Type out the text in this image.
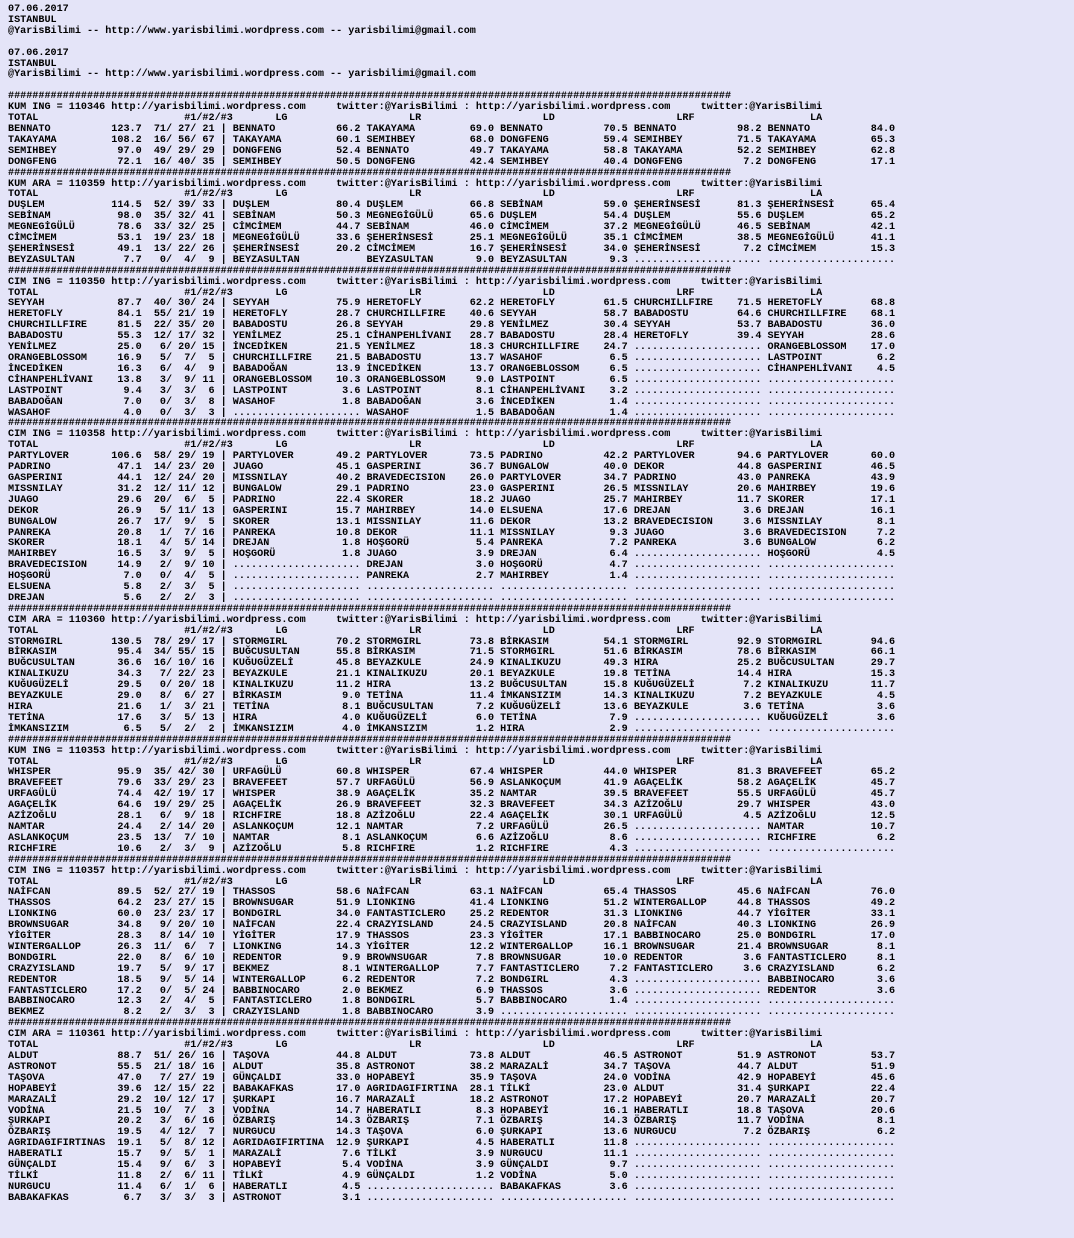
07.06.2017
ISTANBUL
@YarisBilimi -- http://www.yarisbilimi.wordpress.com -- yarisbilimi@gmail.com

07.06.2017
ISTANBUL
@YarisBilimi -- http://www.yarisbilimi.wordpress.com -- yarisbilimi@gmail.com

#######################################################################################################################
KUM ING = 110346 http://yarisbilimi.wordpress.com     twitter:@YarisBilimi : http://yarisbilimi.wordpress.com     twitter:@YarisBilimi
TOTAL                        #1/#2/#3       LG                    LR                    LD                    LRF                   LA
BENNATO          123.7  71/ 27/ 21 | BENNATO          66.2 TAKAYAMA         69.0 BENNATO          70.5 BENNATO          98.2 BENNATO          84.0
TAKAYAMA         108.2  16/ 56/ 67 | TAKAYAMA         60.1 SEMIHBEY         68.0 DONGFENG         59.4 SEMIHBEY         71.5 TAKAYAMA         65.3
SEMIHBEY          97.0  49/ 29/ 29 | DONGFENG         52.4 BENNATO          49.7 TAKAYAMA         58.8 TAKAYAMA         52.2 SEMIHBEY         62.8
DONGFENG          72.1  16/ 40/ 35 | SEMIHBEY         50.5 DONGFENG         42.4 SEMIHBEY         40.4 DONGFENG          7.2 DONGFENG         17.1
#######################################################################################################################
KUM ARA = 110359 http://yarisbilimi.wordpress.com     twitter:@YarisBilimi : http://yarisbilimi.wordpress.com     twitter:@YarisBilimi
TOTAL                        #1/#2/#3       LG                    LR                    LD                    LRF                   LA
DUŞLEM           114.5  52/ 39/ 33 | DUŞLEM           80.4 DUŞLEM           66.8 SEBİNAM          59.0 ŞEHERİNSESİ      81.3 ŞEHERİNSESİ      65.4
SEBİNAM           98.0  35/ 32/ 41 | SEBİNAM          50.3 MEGNEGİGÜLÜ      65.6 DUŞLEM           54.4 DUŞLEM           55.6 DUŞLEM           65.2
MEGNEGİGÜLÜ       78.6  33/ 32/ 25 | CİMCİMEM         44.7 SEBİNAM          46.0 CİMCİMEM         37.2 MEGNEGİGÜLÜ      46.5 SEBİNAM          42.1
CİMCİMEM          53.1  19/ 23/ 18 | MEGNEGİGÜLÜ      33.6 ŞEHERİNSESİ      25.1 MEGNEGİGÜLÜ      35.1 CİMCİMEM         38.5 MEGNEGİGÜLÜ      41.1
ŞEHERİNSESİ       49.1  13/ 22/ 26 | ŞEHERİNSESİ      20.2 CİMCİMEM         16.7 ŞEHERİNSESİ      34.0 ŞEHERİNSESİ       7.2 CİMCİMEM         15.3
BEYZASULTAN        7.7   0/  4/  9 | BEYZASULTAN           BEYZASULTAN       9.0 BEYZASULTAN       9.3 ..................... .....................
#######################################################################################################################
CIM ING = 110350 http://yarisbilimi.wordpress.com     twitter:@YarisBilimi : http://yarisbilimi.wordpress.com     twitter:@YarisBilimi
TOTAL                        #1/#2/#3       LG                    LR                    LD                    LRF                   LA
SEYYAH            87.7  40/ 30/ 24 | SEYYAH           75.9 HERETOFLY        62.2 HERETOFLY        61.5 CHURCHILLFIRE    71.5 HERETOFLY        68.8
HERETOFLY         84.1  55/ 21/ 19 | HERETOFLY        28.7 CHURCHILLFIRE    40.6 SEYYAH           58.7 BABADOSTU        64.6 CHURCHILLFIRE    68.1
CHURCHILLFIRE     81.5  22/ 35/ 20 | BABADOSTU        26.8 SEYYAH           29.8 YENİLMEZ         30.4 SEYYAH           53.7 BABADOSTU        36.0
BABADOSTU         55.3  12/ 17/ 32 | YENİLMEZ         25.1 CİHANPEHLİVANI   28.7 BABADOSTU        28.4 HERETOFLY        39.4 SEYYAH           28.6
YENİLMEZ          25.0   6/ 20/ 15 | İNCEDİKEN        21.5 YENİLMEZ         18.3 CHURCHILLFIRE    24.7 ..................... ORANGEBLOSSOM    17.0
ORANGEBLOSSOM     16.9   5/  7/  5 | CHURCHILLFIRE    21.5 BABADOSTU        13.7 WASAHOF           6.5 ..................... LASTPOINT         6.2
İNCEDİKEN         16.3   6/  4/  9 | BABADOĞAN        13.9 İNCEDİKEN        13.7 ORANGEBLOSSOM     6.5 ..................... CİHANPEHLİVANI    4.5
CİHANPEHLİVANI    13.8   3/  9/ 11 | ORANGEBLOSSOM    10.3 ORANGEBLOSSOM     9.0 LASTPOINT         6.5 ..................... .....................
LASTPOINT          9.4   3/  3/  6 | LASTPOINT         3.6 LASTPOINT         8.1 CİHANPEHLİVANI    3.2 ..................... .....................
BABADOĞAN          7.0   0/  3/  8 | WASAHOF           1.8 BABADOĞAN         3.6 İNCEDİKEN         1.4 ..................... .....................
WASAHOF            4.0   0/  3/  3 | ..................... WASAHOF           1.5 BABADOĞAN         1.4 ..................... .....................
#######################################################################################################################
CIM ING = 110358 http://yarisbilimi.wordpress.com     twitter:@YarisBilimi : http://yarisbilimi.wordpress.com     twitter:@YarisBilimi
TOTAL                        #1/#2/#3       LG                    LR                    LD                    LRF                   LA
PARTYLOVER       106.6  58/ 29/ 19 | PARTYLOVER       49.2 PARTYLOVER       73.5 PADRINO          42.2 PARTYLOVER       94.6 PARTYLOVER       60.0
PADRINO           47.1  14/ 23/ 20 | JUAGO            45.1 GASPERINI        36.7 BUNGALOW         40.0 DEKOR            44.8 GASPERINI        46.5
GASPERINI         44.1  12/ 24/ 20 | MISSNILAY        40.2 BRAVEDECISION    26.0 PARTYLOVER       34.7 PADRINO          43.0 PANREKA          43.9
MISSNILAY         31.2  12/ 11/ 12 | BUNGALOW         29.1 PADRINO          23.0 GASPERINI        26.5 MISSNILAY        20.6 MAHIRBEY         19.6
JUAGO             29.6  20/  6/  5 | PADRINO          22.4 SKORER           18.2 JUAGO            25.7 MAHIRBEY         11.7 SKORER           17.1
DEKOR             26.9   5/ 11/ 13 | GASPERINI        15.7 MAHIRBEY         14.0 ELSUENA          17.6 DREJAN            3.6 DREJAN           16.1
BUNGALOW          26.7  17/  9/  5 | SKORER           13.1 MISSNILAY        11.6 DEKOR            13.2 BRAVEDECISION     3.6 MISSNILAY         8.1
PANREKA           20.8   1/  7/ 16 | PANREKA          10.8 DEKOR            11.1 MISSNILAY         9.3 JUAGO             3.6 BRAVEDECISION     7.2
SKORER            18.1   4/  5/ 14 | DREJAN            1.8 HOŞGORÜ           5.4 PANREKA           7.2 PANREKA           3.6 BUNGALOW          6.2
MAHIRBEY          16.5   3/  9/  5 | HOŞGORÜ           1.8 JUAGO             3.9 DREJAN            6.4 ..................... HOŞGORÜ           4.5
BRAVEDECISION     14.9   2/  9/ 10 | ..................... DREJAN            3.0 HOŞGORÜ           4.7 ..................... .....................
HOŞGORÜ            7.0   0/  4/  5 | ..................... PANREKA           2.7 MAHIRBEY          1.4 ..................... .....................
ELSUENA            5.8   2/  3/  5 | ..................... ..................... ..................... ..................... .....................
DREJAN             5.6   2/  2/  3 | ..................... ..................... ..................... ..................... .....................
#######################################################################################################################
CIM ARA = 110360 http://yarisbilimi.wordpress.com     twitter:@YarisBilimi : http://yarisbilimi.wordpress.com     twitter:@YarisBilimi
TOTAL                        #1/#2/#3       LG                    LR                    LD                    LRF                   LA
STORMGIRL        130.5  78/ 29/ 17 | STORMGIRL        70.2 STORMGIRL        73.8 BİRKASIM         54.1 STORMGIRL        92.9 STORMGIRL        94.6
BİRKASIM          95.4  34/ 55/ 15 | BUĞCUSULTAN      55.8 BİRKASIM         71.5 STORMGIRL        51.6 BİRKASIM         78.6 BİRKASIM         66.1
BUĞCUSULTAN       36.6  16/ 10/ 16 | KUĞUGÜZELİ       45.8 BEYAZKULE        24.9 KINALIKUZU       49.3 HIRA             25.2 BUĞCUSULTAN      29.7
KINALIKUZU        34.3   7/ 22/ 23 | BEYAZKULE        21.1 KINALIKUZU       20.1 BEYAZKULE        19.8 TETİNA           14.4 HIRA             15.3
KUĞUGÜZELİ        29.5   0/ 20/ 18 | KINALIKUZU       11.2 HIRA             13.2 BUĞCUSULTAN      15.8 KUĞUGÜZELİ        7.2 KINALIKUZU       11.7
BEYAZKULE         29.0   8/  6/ 27 | BİRKASIM          9.0 TETİNA           11.4 İMKANSIZIM       14.3 KINALIKUZU        7.2 BEYAZKULE         4.5
HIRA              21.6   1/  3/ 21 | TETİNA            8.1 BUĞCUSULTAN       7.2 KUĞUGÜZELİ       13.6 BEYAZKULE         3.6 TETİNA            3.6
TETİNA            17.6   3/  5/ 13 | HIRA              4.0 KUĞUGÜZELİ        6.0 TETİNA            7.9 ..................... KUĞUGÜZELİ        3.6
İMKANSIZIM         6.5   5/  2/  2 | İMKANSIZIM        4.0 İMKANSIZIM        1.2 HIRA              2.9 ..................... .....................
#######################################################################################################################
KUM ING = 110353 http://yarisbilimi.wordpress.com     twitter:@YarisBilimi : http://yarisbilimi.wordpress.com     twitter:@YarisBilimi
TOTAL                        #1/#2/#3       LG                    LR                    LD                    LRF                   LA
WHISPER           95.9  35/ 42/ 30 | URFAGÜLÜ         60.8 WHISPER          67.4 WHISPER          44.0 WHISPER          81.3 BRAVEFEET        65.2
BRAVEFEET         79.6  33/ 29/ 23 | BRAVEFEET        57.7 URFAGÜLÜ         56.9 ASLANKOÇUM       41.9 AGAÇELİK         58.2 AGAÇELİK         45.7
URFAGÜLÜ          74.4  42/ 19/ 17 | WHISPER          38.9 AGAÇELİK         35.2 NAMTAR           39.5 BRAVEFEET        55.5 URFAGÜLÜ         45.7
AGAÇELİK          64.6  19/ 29/ 25 | AGAÇELİK         26.9 BRAVEFEET        32.3 BRAVEFEET        34.3 AZİZOĞLU         29.7 WHISPER          43.0
AZİZOĞLU          28.1   6/  9/ 18 | RICHFIRE         18.8 AZİZOĞLU         22.4 AGAÇELİK         30.1 URFAGÜLÜ          4.5 AZİZOĞLU         12.5
NAMTAR            24.4   2/ 14/ 20 | ASLANKOÇUM       12.1 NAMTAR            7.2 URFAGÜLÜ         26.5 ..................... NAMTAR           10.7
ASLANKOÇUM        23.5  13/  7/ 10 | NAMTAR            8.1 ASLANKOÇUM        6.6 AZİZOĞLU          8.6 ..................... RICHFIRE          6.2
RICHFIRE          10.6   2/  3/  9 | AZİZOĞLU          5.8 RICHFIRE          1.2 RICHFIRE          4.3 ..................... .....................
#######################################################################################################################
CIM ING = 110357 http://yarisbilimi.wordpress.com     twitter:@YarisBilimi : http://yarisbilimi.wordpress.com     twitter:@YarisBilimi
TOTAL                        #1/#2/#3       LG                    LR                    LD                    LRF                   LA
NAİFCAN           89.5  52/ 27/ 19 | THASSOS          58.6 NAİFCAN          63.1 NAİFCAN          65.4 THASSOS          45.6 NAİFCAN          76.0
THASSOS           64.2  23/ 27/ 15 | BROWNSUGAR       51.9 LIONKING         41.4 LIONKING         51.2 WINTERGALLOP     44.8 THASSOS          49.2
LIONKING          60.0  23/ 23/ 17 | BONDGIRL         34.0 FANTASTICLERO    25.2 REDENTOR         31.3 LIONKING         44.7 YİGİTER          33.1
BROWNSUGAR        34.8   9/ 20/ 10 | NAİFCAN          22.4 CRAZYISLAND      24.5 CRAZYISLAND      20.8 NAİFCAN          40.3 LIONKING         26.9
YİGİTER           28.3   8/ 14/ 10 | YİGİTER          17.9 THASSOS          23.3 YİGİTER          17.1 BABBINOCARO      25.0 BONDGIRL         17.0
WINTERGALLOP      26.3  11/  6/  7 | LIONKING         14.3 YİGİTER          12.2 WINTERGALLOP     16.1 BROWNSUGAR       21.4 BROWNSUGAR        8.1
BONDGIRL          22.0   8/  6/ 10 | REDENTOR          9.9 BROWNSUGAR        7.8 BROWNSUGAR       10.0 REDENTOR          3.6 FANTASTICLERO     8.1
CRAZYISLAND       19.7   5/  9/ 17 | BEKMEZ            8.1 WINTERGALLOP      7.7 FANTASTICLERO     7.2 FANTASTICLERO     3.6 CRAZYISLAND       6.2
REDENTOR          18.5   9/  5/ 14 | WINTERGALLOP      6.2 REDENTOR          7.2 BONDGIRL          4.3 ..................... BABBINOCARO       3.6
FANTASTICLERO     17.2   0/  5/ 24 | BABBINOCARO       2.0 BEKMEZ            6.9 THASSOS           3.6 ..................... REDENTOR          3.6
BABBINOCARO       12.3   2/  4/  5 | FANTASTICLERO     1.8 BONDGIRL          5.7 BABBINOCARO       1.4 ..................... .....................
BEKMEZ             8.2   2/  3/  3 | CRAZYISLAND       1.8 BABBINOCARO       3.9 ..................... ..................... .....................
#######################################################################################################################
CIM ARA = 110361 http://yarisbilimi.wordpress.com     twitter:@YarisBilimi : http://yarisbilimi.wordpress.com     twitter:@YarisBilimi
TOTAL                        #1/#2/#3       LG                    LR                    LD                    LRF                   LA
ALDUT             88.7  51/ 26/ 16 | TAŞOVA           44.8 ALDUT            73.8 ALDUT            46.5 ASTRONOT         51.9 ASTRONOT         53.7
ASTRONOT          55.5  21/ 18/ 16 | ALDUT            35.8 ASTRONOT         38.2 MARAZALİ         34.7 TAŞOVA           44.7 ALDUT            51.9
TAŞOVA            47.0   7/ 27/ 19 | GÜNÇALDI         33.0 HOPABEYİ         35.9 TAŞOVA           24.0 VODİNA           42.9 HOPABEYİ         45.6
HOPABEYİ          39.6  12/ 15/ 22 | BABAKAFKAS       17.0 AGRIDAGIFIRTINA  28.1 TİLKİ            23.0 ALDUT            31.4 ŞURKAPI          22.4
MARAZALİ          29.2  10/ 12/ 17 | ŞURKAPI          16.7 MARAZALİ         18.2 ASTRONOT         17.2 HOPABEYİ         20.7 MARAZALİ         20.7
VODİNA            21.5  10/  7/  3 | VODİNA           14.7 HABERATLI         8.3 HOPABEYİ         16.1 HABERATLI        18.8 TAŞOVA           20.6
ŞURKAPI           20.2   3/  6/ 16 | ÖZBARIŞ          14.3 ÖZBARIŞ           7.1 ÖZBARIŞ          14.3 ÖZBARIŞ          11.7 VODİNA            8.1
ÖZBARIŞ           19.5   4/ 12/  7 | NURGUCU          14.3 TAŞOVA            6.0 ŞURKAPI          13.6 NURGUCU           7.2 ÖZBARIŞ           6.2
AGRIDAGIFIRTINAS  19.1   5/  8/ 12 | AGRIDAGIFIRTINA  12.9 ŞURKAPI           4.5 HABERATLI        11.8 ..................... .....................
HABERATLI         15.7   9/  5/  1 | MARAZALİ          7.6 TİLKİ             3.9 NURGUCU          11.1 ..................... .....................
GÜNÇALDI          15.4   9/  6/  3 | HOPABEYİ          5.4 VODİNA            3.9 GÜNÇALDI          9.7 ..................... .....................
TİLKİ             11.8   2/  6/ 11 | TİLKİ             4.9 GÜNÇALDI          1.2 VODİNA            5.0 ..................... .....................
NURGUCU           11.4   6/  1/  6 | HABERATLI         4.5 ..................... BABAKAFKAS        3.6 ..................... .....................
BABAKAFKAS         6.7   3/  3/  3 | ASTRONOT          3.1 ..................... ..................... ..................... .....................
